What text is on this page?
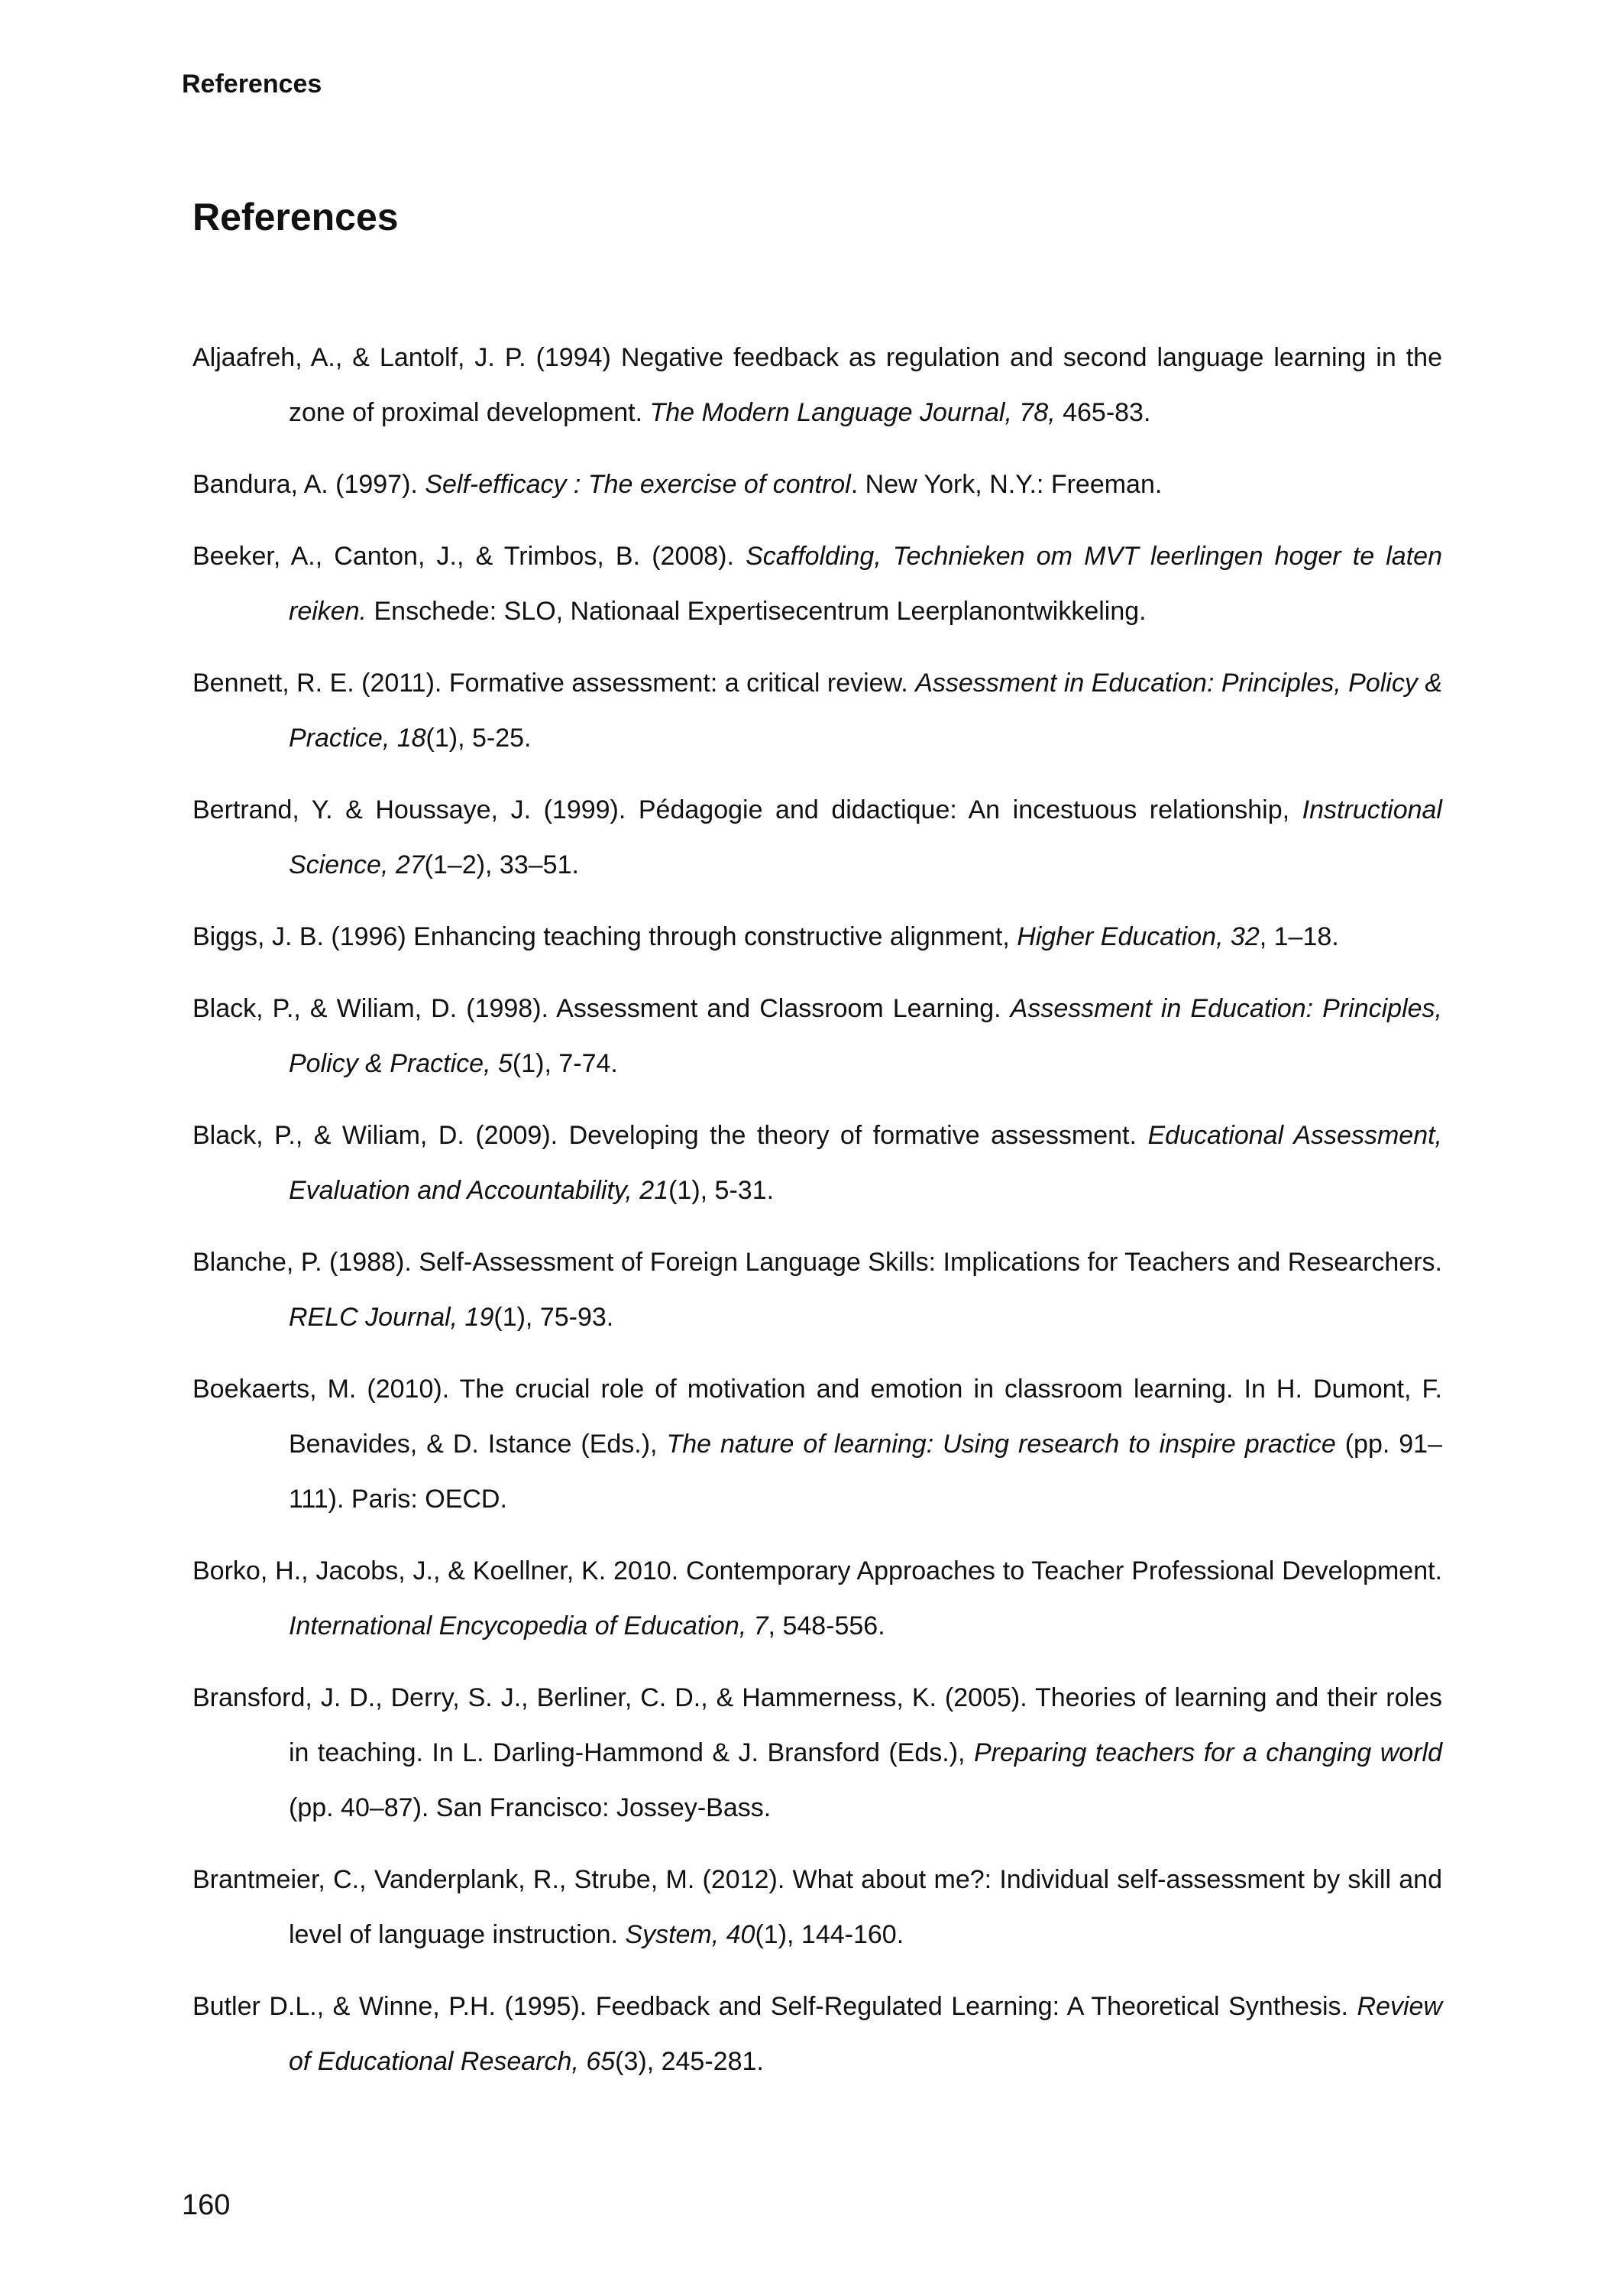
References
References
Aljaafreh, A., & Lantolf, J. P. (1994) Negative feedback as regulation and second language learning in the zone of proximal development. The Modern Language Journal, 78, 465-83.
Bandura, A. (1997). Self-efficacy : The exercise of control. New York, N.Y.: Freeman.
Beeker, A., Canton, J., & Trimbos, B. (2008). Scaffolding, Technieken om MVT leerlingen hoger te laten reiken. Enschede: SLO, Nationaal Expertisecentrum Leerplanontwikkeling.
Bennett, R. E. (2011). Formative assessment: a critical review. Assessment in Education: Principles, Policy & Practice, 18(1), 5-25.
Bertrand, Y. & Houssaye, J. (1999). Pédagogie and didactique: An incestuous relationship, Instructional Science, 27(1–2), 33–51.
Biggs, J. B. (1996) Enhancing teaching through constructive alignment, Higher Education, 32, 1–18.
Black, P., & Wiliam, D. (1998). Assessment and Classroom Learning. Assessment in Education: Principles, Policy & Practice, 5(1), 7-74.
Black, P., & Wiliam, D. (2009). Developing the theory of formative assessment. Educational Assessment, Evaluation and Accountability, 21(1), 5-31.
Blanche, P. (1988). Self-Assessment of Foreign Language Skills: Implications for Teachers and Researchers. RELC Journal, 19(1), 75-93.
Boekaerts, M. (2010). The crucial role of motivation and emotion in classroom learning. In H. Dumont, F. Benavides, & D. Istance (Eds.), The nature of learning: Using research to inspire practice (pp. 91–111). Paris: OECD.
Borko, H., Jacobs, J., & Koellner, K. 2010. Contemporary Approaches to Teacher Professional Development. International Encycopedia of Education, 7, 548-556.
Bransford, J. D., Derry, S. J., Berliner, C. D., & Hammerness, K. (2005). Theories of learning and their roles in teaching. In L. Darling-Hammond & J. Bransford (Eds.), Preparing teachers for a changing world (pp. 40–87). San Francisco: Jossey-Bass.
Brantmeier, C., Vanderplank, R., Strube, M. (2012). What about me?: Individual self-assessment by skill and level of language instruction. System, 40(1), 144-160.
Butler D.L., & Winne, P.H. (1995). Feedback and Self-Regulated Learning: A Theoretical Synthesis. Review of Educational Research, 65(3), 245-281.
160
